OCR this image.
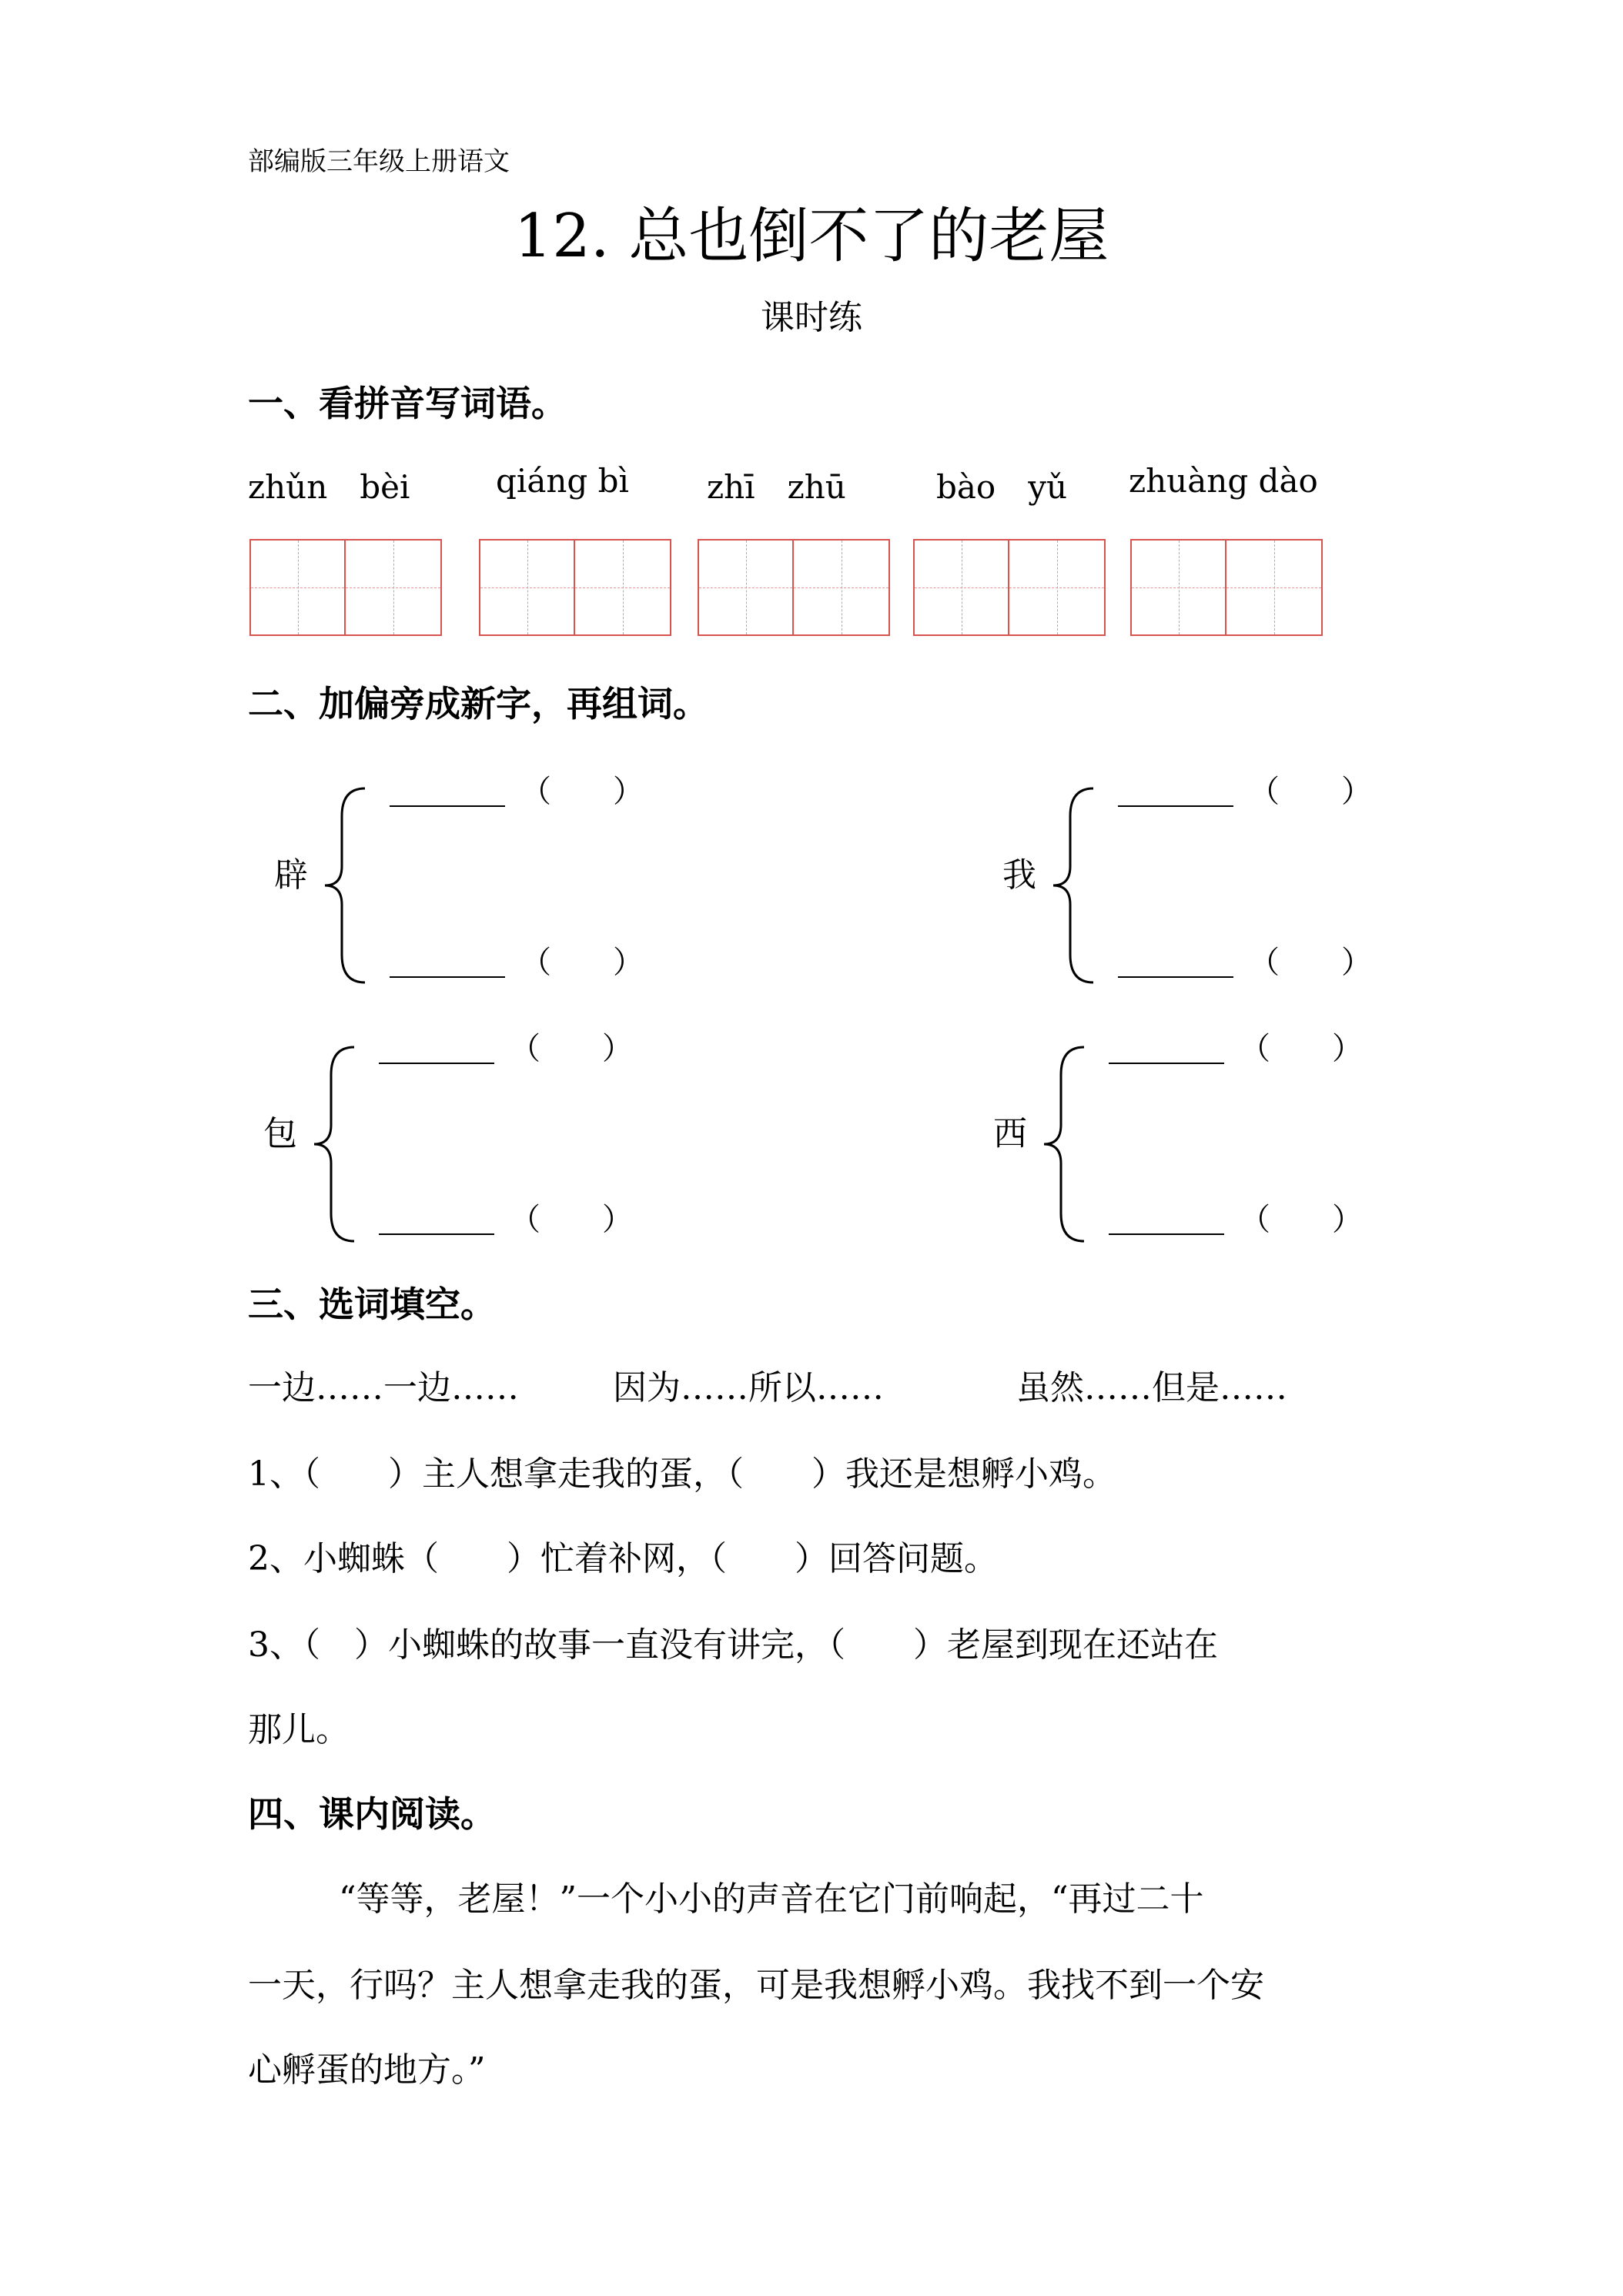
部编版三年级上册语文
12. 总也倒不了的老屋
课时练
一、看拼音写词语。
zhǔn　bèi	qiáng bì zhī　zhū	bào　yǔ zhuàng dào
二、加偏旁成新字，再组词。
辟
（　　）
（　　）
我
（　　）
（　　）
包
（　　）
（　　）
西
（　　）
（　　）
三、选词填空。
一边……一边……	因为……所以……	虽然……但是……
1、（　　）主人想拿走我的蛋，（　　）我还是想孵小鸡。
2、小蜘蛛（　　）忙着补网，（　　）回答问题。
3、（　）小蜘蛛的故事一直没有讲完，（　　）老屋到现在还站在
那儿。
四、课内阅读。
“等等，老屋！”一个小小的声音在它门前响起，“再过二十
一天，行吗？主人想拿走我的蛋，可是我想孵小鸡。我找不到一个安
心孵蛋的地方。”
